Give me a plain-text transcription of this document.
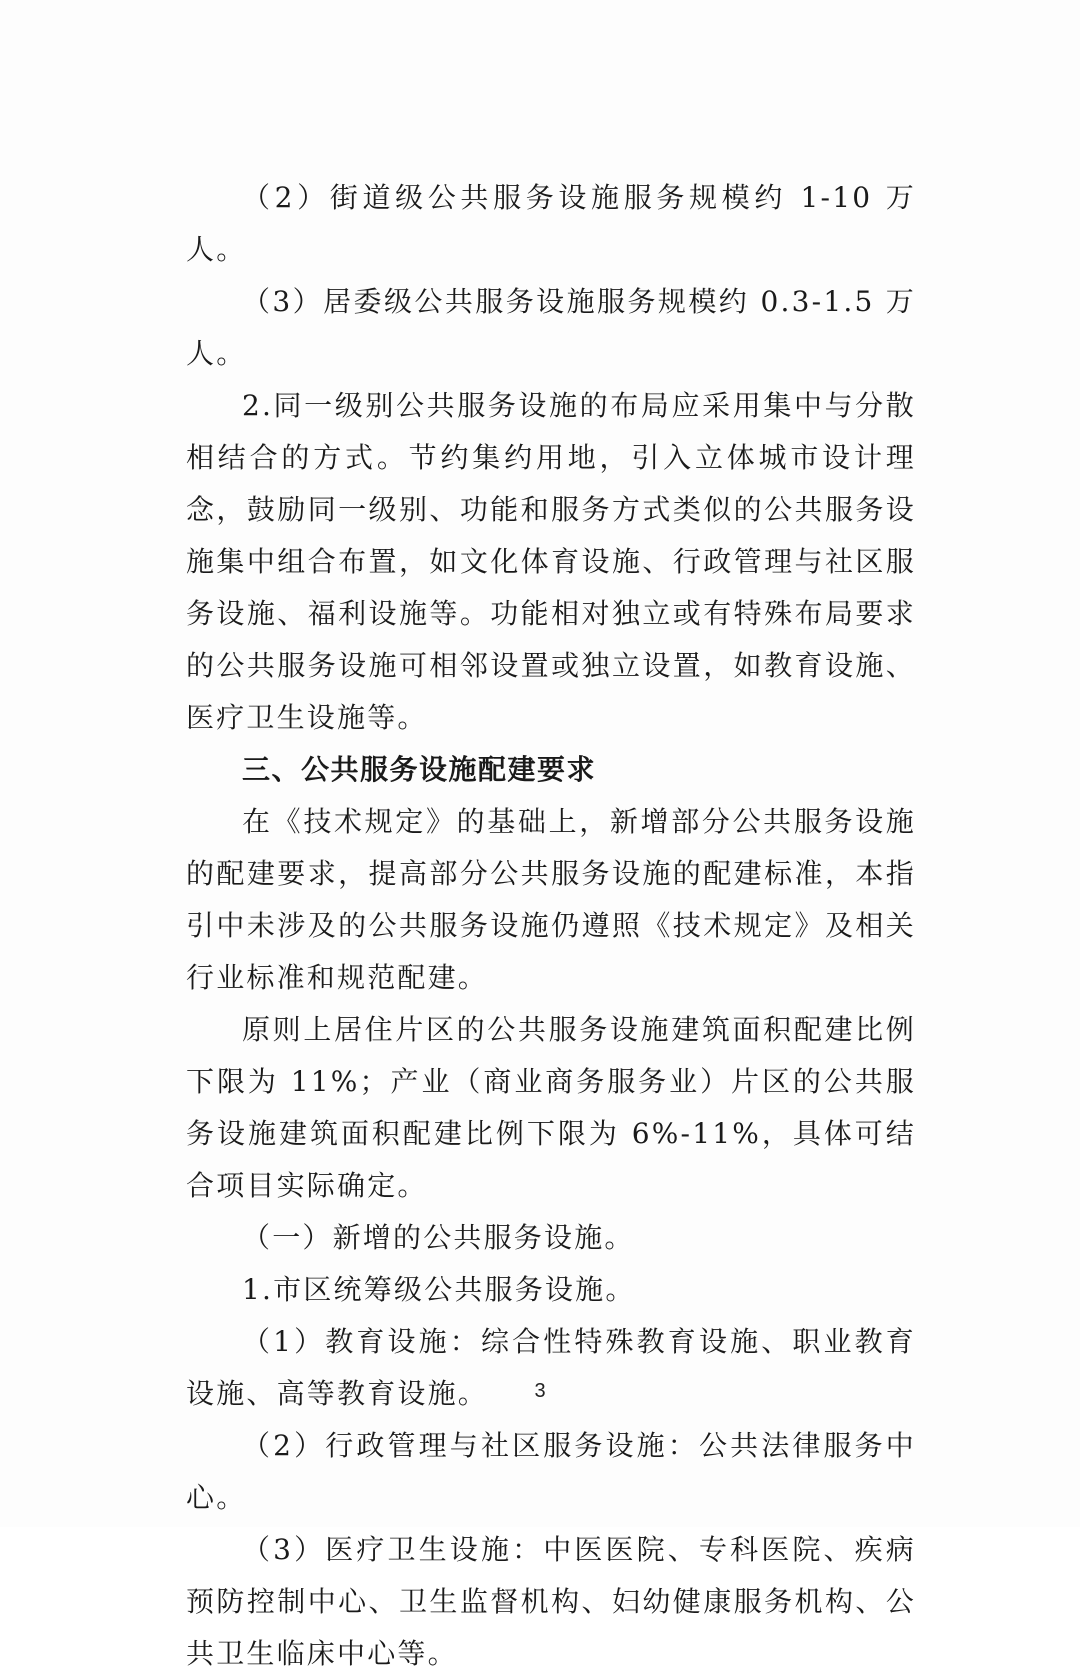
（2）街道级公共服务设施服务规模约 1-10 万人。

（3）居委级公共服务设施服务规模约 0.3-1.5 万人。

2.同一级别公共服务设施的布局应采用集中与分散相结合的方式。节约集约用地，引入立体城市设计理念，鼓励同一级别、功能和服务方式类似的公共服务设施集中组合布置，如文化体育设施、行政管理与社区服务设施、福利设施等。功能相对独立或有特殊布局要求的公共服务设施可相邻设置或独立设置，如教育设施、医疗卫生设施等。

三、公共服务设施配建要求

在《技术规定》的基础上，新增部分公共服务设施的配建要求，提高部分公共服务设施的配建标准，本指引中未涉及的公共服务设施仍遵照《技术规定》及相关行业标准和规范配建。

原则上居住片区的公共服务设施建筑面积配建比例下限为 11%；产业（商业商务服务业）片区的公共服务设施建筑面积配建比例下限为 6%-11%，具体可结合项目实际确定。

（一）新增的公共服务设施。

1.市区统筹级公共服务设施。

（1）教育设施：综合性特殊教育设施、职业教育设施、高等教育设施。

（2）行政管理与社区服务设施：公共法律服务中心。

（3）医疗卫生设施：中医医院、专科医院、疾病预防控制中心、卫生监督机构、妇幼健康服务机构、公共卫生临床中心等。

3
